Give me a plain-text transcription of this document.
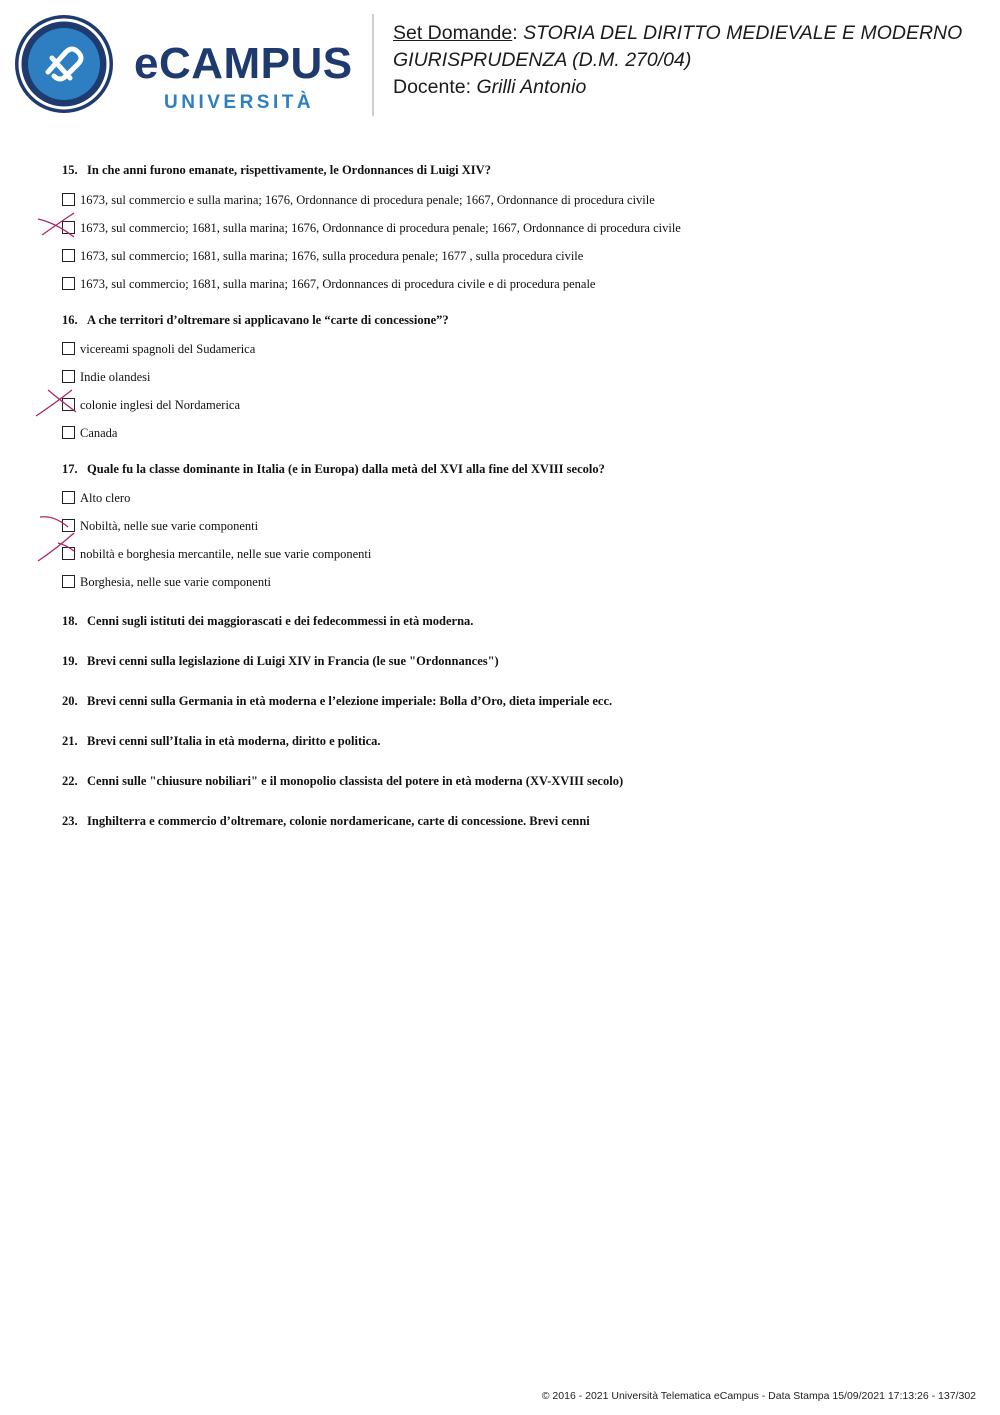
eCAMPUS
UNIVERSITÀ
Set Domande: STORIA DEL DIRITTO MEDIEVALE E MODERNO
GIURISPRUDENZA (D.M. 270/04)
Docente: Grilli Antonio

15. In che anni furono emanate, rispettivamente, le Ordonnances di Luigi XIV?

1673, sul commercio e sulla marina; 1676, Ordonnance di procedura penale; 1667, Ordonnance di procedura civile
1673, sul commercio; 1681, sulla marina; 1676, Ordonnance di procedura penale; 1667, Ordonnance di procedura civile
1673, sul commercio; 1681, sulla marina; 1676, sulla procedura penale; 1677 , sulla procedura civile
1673, sul commercio; 1681, sulla marina; 1667, Ordonnances di procedura civile e di procedura penale

16. A che territori d’oltremare si applicavano le “carte di concessione”?

vicereami spagnoli del Sudamerica
Indie olandesi
colonie inglesi del Nordamerica
Canada

17. Quale fu la classe dominante in Italia (e in Europa) dalla metà del XVI alla fine del XVIII secolo?

Alto clero
Nobiltà, nelle sue varie componenti
nobiltà e borghesia mercantile, nelle sue varie componenti
Borghesia, nelle sue varie componenti

18. Cenni sugli istituti dei maggiorascati e dei fedecommessi in età moderna.

19. Brevi cenni sulla legislazione di Luigi XIV in Francia (le sue "Ordonnances")

20. Brevi cenni sulla Germania in età moderna e l’elezione imperiale: Bolla d’Oro, dieta imperiale ecc.

21. Brevi cenni sull’Italia in età moderna, diritto e politica.

22. Cenni sulle "chiusure nobiliari" e il monopolio classista del potere in età moderna (XV-XVIII secolo)

23. Inghilterra e commercio d’oltremare, colonie nordamericane, carte di concessione. Brevi cenni

© 2016 - 2021 Università Telematica eCampus - Data Stampa 15/09/2021 17:13:26 - 137/302
